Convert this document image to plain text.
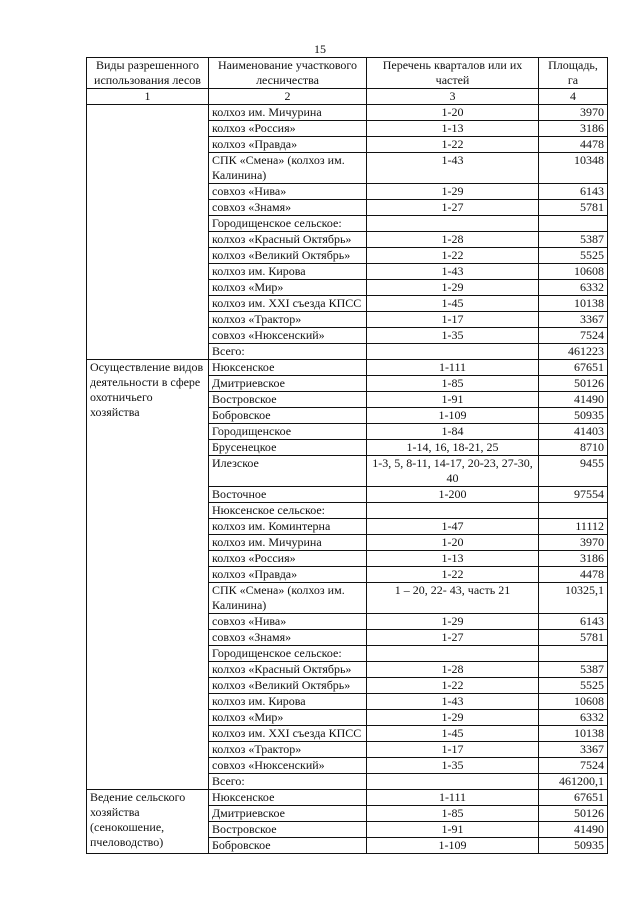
15
Виды разрешенного использования лесов	Наименование участкового лесничества	Перечень кварталов или их частей	Площадь, га
1	2	3	4
	колхоз им. Мичурина	1-20	3970
	колхоз «Россия»	1-13	3186
	колхоз «Правда»	1-22	4478
	СПК «Смена» (колхоз им. Калинина)	1-43	10348
	совхоз «Нива»	1-29	6143
	совхоз «Знамя»	1-27	5781
	Городищенское сельское:		
	колхоз «Красный Октябрь»	1-28	5387
	колхоз «Великий Октябрь»	1-22	5525
	колхоз им. Кирова	1-43	10608
	колхоз «Мир»	1-29	6332
	колхоз им. XXI съезда КПСС	1-45	10138
	колхоз «Трактор»	1-17	3367
	совхоз «Нюксенский»	1-35	7524
	Всего:		461223
Осуществление видов деятельности в сфере охотничьего хозяйства	Нюксенское	1-111	67651
	Дмитриевское	1-85	50126
	Востровское	1-91	41490
	Бобровское	1-109	50935
	Городищенское	1-84	41403
	Брусенецкое	1-14, 16, 18-21, 25	8710
	Илезское	1-3, 5, 8-11, 14-17, 20-23, 27-30, 40	9455
	Восточное	1-200	97554
	Нюксенское сельское:		
	колхоз им. Коминтерна	1-47	11112
	колхоз им. Мичурина	1-20	3970
	колхоз «Россия»	1-13	3186
	колхоз «Правда»	1-22	4478
	СПК «Смена» (колхоз им. Калинина)	1 – 20, 22- 43, часть 21	10325,1
	совхоз «Нива»	1-29	6143
	совхоз «Знамя»	1-27	5781
	Городищенское сельское:		
	колхоз «Красный Октябрь»	1-28	5387
	колхоз «Великий Октябрь»	1-22	5525
	колхоз им. Кирова	1-43	10608
	колхоз «Мир»	1-29	6332
	колхоз им. XXI съезда КПСС	1-45	10138
	колхоз «Трактор»	1-17	3367
	совхоз «Нюксенский»	1-35	7524
	Всего:		461200,1
Ведение сельского хозяйства (сенокошение, пчеловодство)	Нюксенское	1-111	67651
	Дмитриевское	1-85	50126
	Востровское	1-91	41490
	Бобровское	1-109	50935
